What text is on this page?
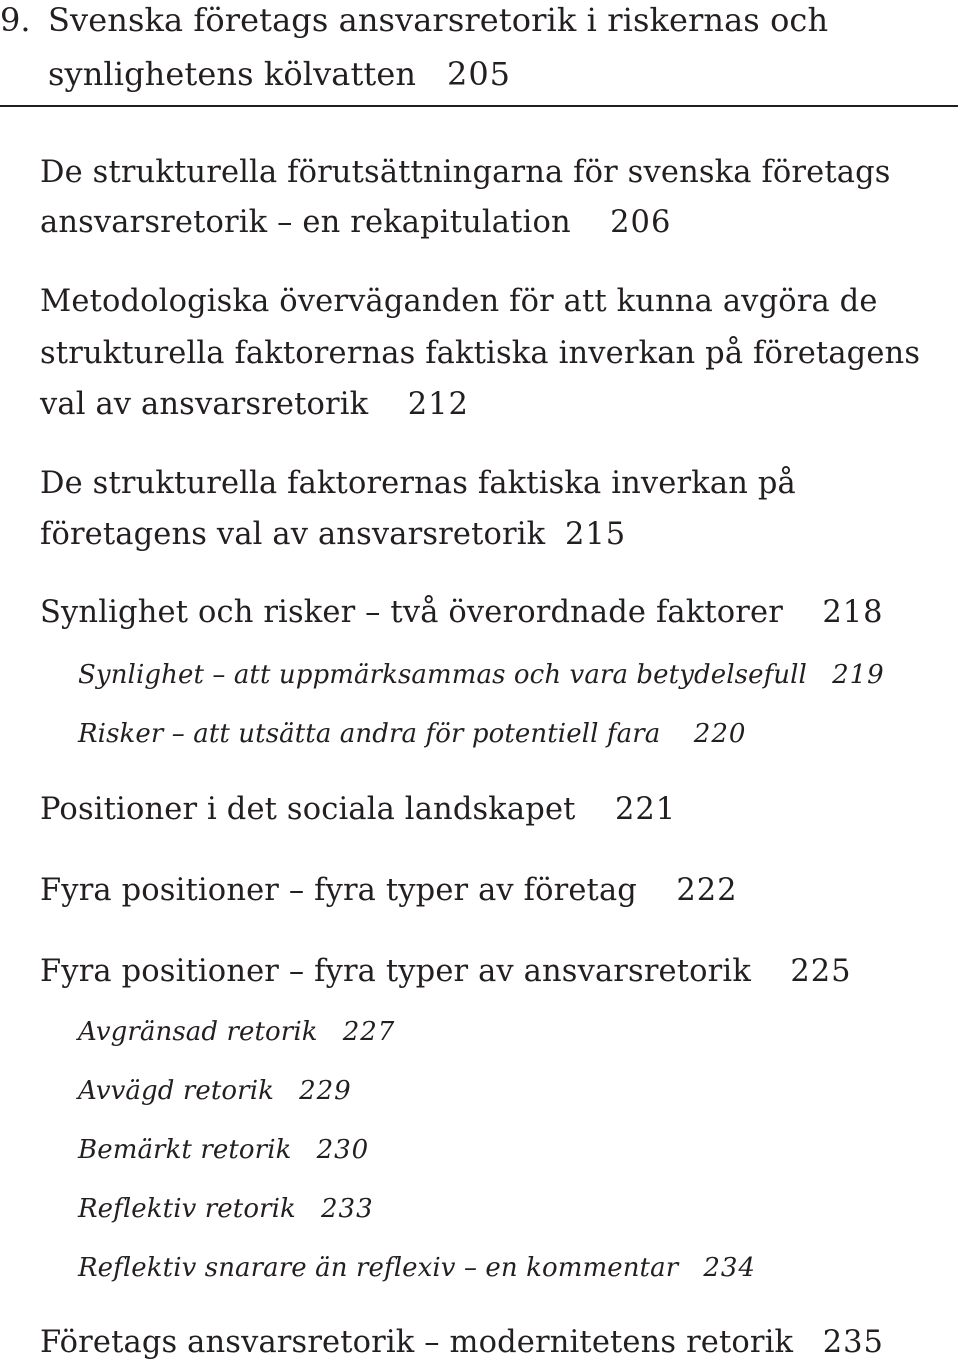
9. Svenska företags ansvarsretorik i riskernas och
synlighetens kölvatten 205
De strukturella förutsättningarna för svenska företags
ansvarsretorik – en rekapitulation 206
Metodologiska överväganden för att kunna avgöra de
strukturella faktorernas faktiska inverkan på företagens
val av ansvarsretorik 212
De strukturella faktorernas faktiska inverkan på
företagens val av ansvarsretorik 215
Synlighet och risker – två överordnade faktorer 218
Synlighet – att uppmärksammas och vara betydelsefull 219
Risker – att utsätta andra för potentiell fara 220
Positioner i det sociala landskapet 221
Fyra positioner – fyra typer av företag 222
Fyra positioner – fyra typer av ansvarsretorik 225
Avgränsad retorik 227
Avvägd retorik 229
Bemärkt retorik 230
Reflektiv retorik 233
Reflektiv snarare än reflexiv – en kommentar 234
Företags ansvarsretorik – modernitetens retorik 235
